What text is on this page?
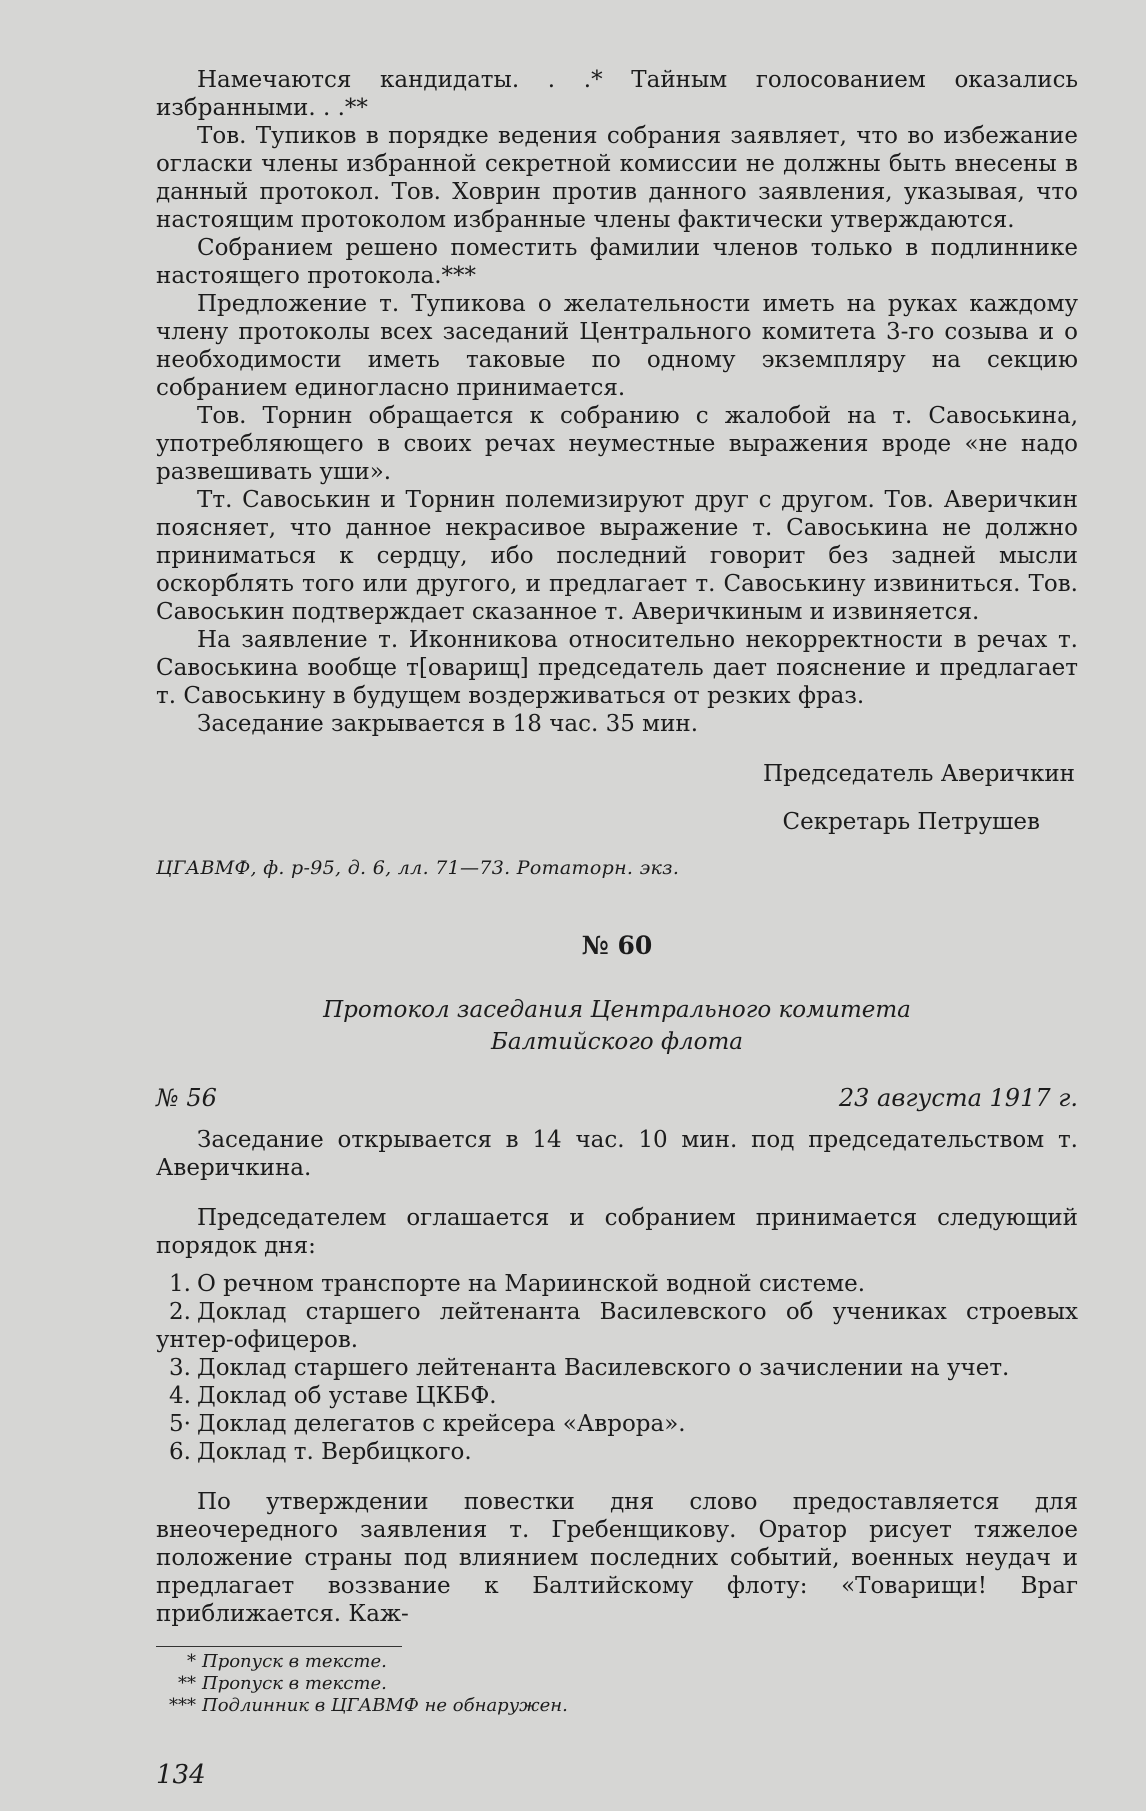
Намечаются кандидаты. . .* Тайным голосованием оказались избранными. . .**

Тов. Тупиков в порядке ведения собрания заявляет, что во избежание огласки члены избранной секретной комиссии не должны быть внесены в данный протокол. Тов. Ховрин против данного заявления, указывая, что настоящим протоколом избранные члены фактически утверждаются.

Собранием решено поместить фамилии членов только в подлиннике настоящего протокола.***

Предложение т. Тупикова о желательности иметь на руках каждому члену протоколы всех заседаний Центрального комитета 3-го созыва и о необходимости иметь таковые по одному экземпляру на секцию собранием единогласно принимается.

Тов. Торнин обращается к собранию с жалобой на т. Савоськина, употребляющего в своих речах неуместные выражения вроде «не надо развешивать уши».

Тт. Савоськин и Торнин полемизируют друг с другом. Тов. Аверичкин поясняет, что данное некрасивое выражение т. Савоськина не должно приниматься к сердцу, ибо последний говорит без задней мысли оскорблять того или другого, и предлагает т. Савоськину извиниться. Тов. Савоськин подтверждает сказанное т. Аверичкиным и извиняется.

На заявление т. Иконникова относительно некорректности в речах т. Савоськина вообще т[оварищ] председатель дает пояснение и предлагает т. Савоськину в будущем воздерживаться от резких фраз.

Заседание закрывается в 18 час. 35 мин.

Председатель Аверичкин
Секретарь Петрушев
ЦГАВМФ, ф. р-95, д. 6, лл. 71—73. Ротаторн. экз.
№ 60
Протокол заседания Центрального комитета
Балтийского флота
№ 56	23 августа 1917 г.

Заседание открывается в 14 час. 10 мин. под председательством т. Аверичкина.

Председателем оглашается и собранием принимается следующий порядок дня:

1. О речном транспорте на Мариинской водной системе.

2. Доклад старшего лейтенанта Василевского об учениках строевых унтер-офицеров.

3. Доклад старшего лейтенанта Василевского о зачислении на учет.

4. Доклад об уставе ЦКБФ.

5· Доклад делегатов с крейсера «Аврора».

6. Доклад т. Вербицкого.

По утверждении повестки дня слово предоставляется для внеочередного заявления т. Гребенщикову. Оратор рисует тяжелое положение страны под влиянием последних событий, военных неудач и предлагает воззвание к Балтийскому флоту: «Товарищи! Враг приближается. Каж-

* Пропуск в тексте.
** Пропуск в тексте.
*** Подлинник в ЦГАВМФ не обнаружен.
134
